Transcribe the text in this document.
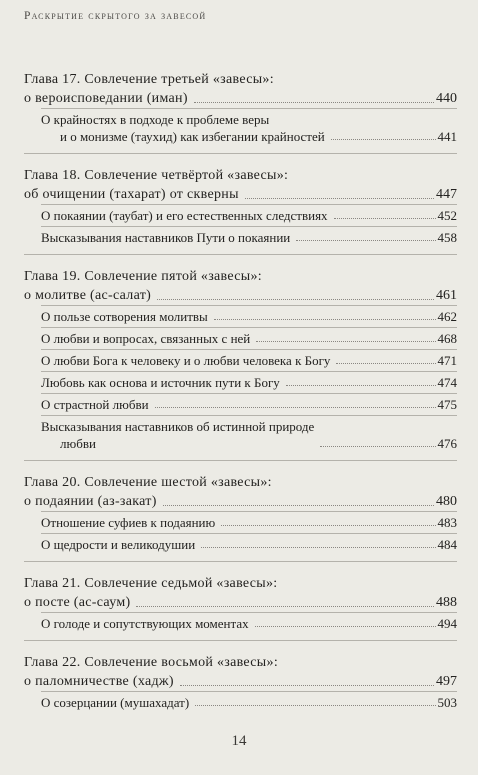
Раскрытие скрытого за завесой
Глава 17. Совлечение третьей «завесы»:
о вероисповедании (иман)	440
О крайностях в подходе к проблеме веры
и о монизме (таухид) как избегании крайностей	441
Глава 18. Совлечение четвёртой «завесы»:
об очищении (тахарат) от скверны	447
О покаянии (таубат) и его естественных следствиях	452
Высказывания наставников Пути о покаянии	458
Глава 19. Совлечение пятой «завесы»:
о молитве (ас-салат)	461
О пользе сотворения молитвы	462
О любви и вопросах, связанных с ней	468
О любви Бога к человеку и о любви человека к Богу	471
Любовь как основа и источник пути к Богу	474
О страстной любви	475
Высказывания наставников об истинной природе
любви	476
Глава 20. Совлечение шестой «завесы»:
о подаянии (аз-закат)	480
Отношение суфиев к подаянию	483
О щедрости и великодушии	484
Глава 21. Совлечение седьмой «завесы»:
о посте (ас-саум)	488
О голоде и сопутствующих моментах	494
Глава 22. Совлечение восьмой «завесы»:
о паломничестве (хадж)	497
О созерцании (мушахадат)	503
14
